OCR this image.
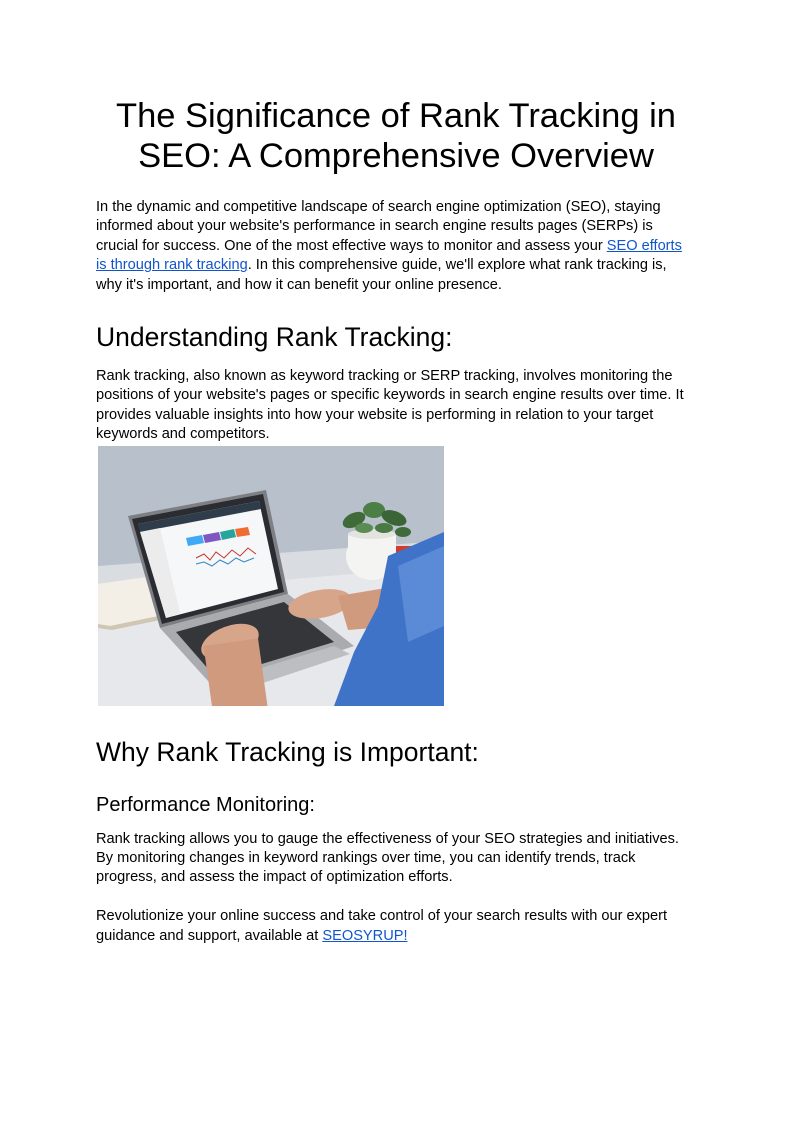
The Significance of Rank Tracking in SEO: A Comprehensive Overview

In the dynamic and competitive landscape of search engine optimization (SEO), staying informed about your website's performance in search engine results pages (SERPs) is crucial for success. One of the most effective ways to monitor and assess your SEO efforts is through rank tracking. In this comprehensive guide, we'll explore what rank tracking is, why it's important, and how it can benefit your online presence.

Understanding Rank Tracking:

Rank tracking, also known as keyword tracking or SERP tracking, involves monitoring the positions of your website's pages or specific keywords in search engine results over time. It provides valuable insights into how your website is performing in relation to your target keywords and competitors.

Why Rank Tracking is Important:
Performance Monitoring:

Rank tracking allows you to gauge the effectiveness of your SEO strategies and initiatives. By monitoring changes in keyword rankings over time, you can identify trends, track progress, and assess the impact of optimization efforts.

Revolutionize your online success and take control of your search results with our expert guidance and support, available at SEOSYRUP!
